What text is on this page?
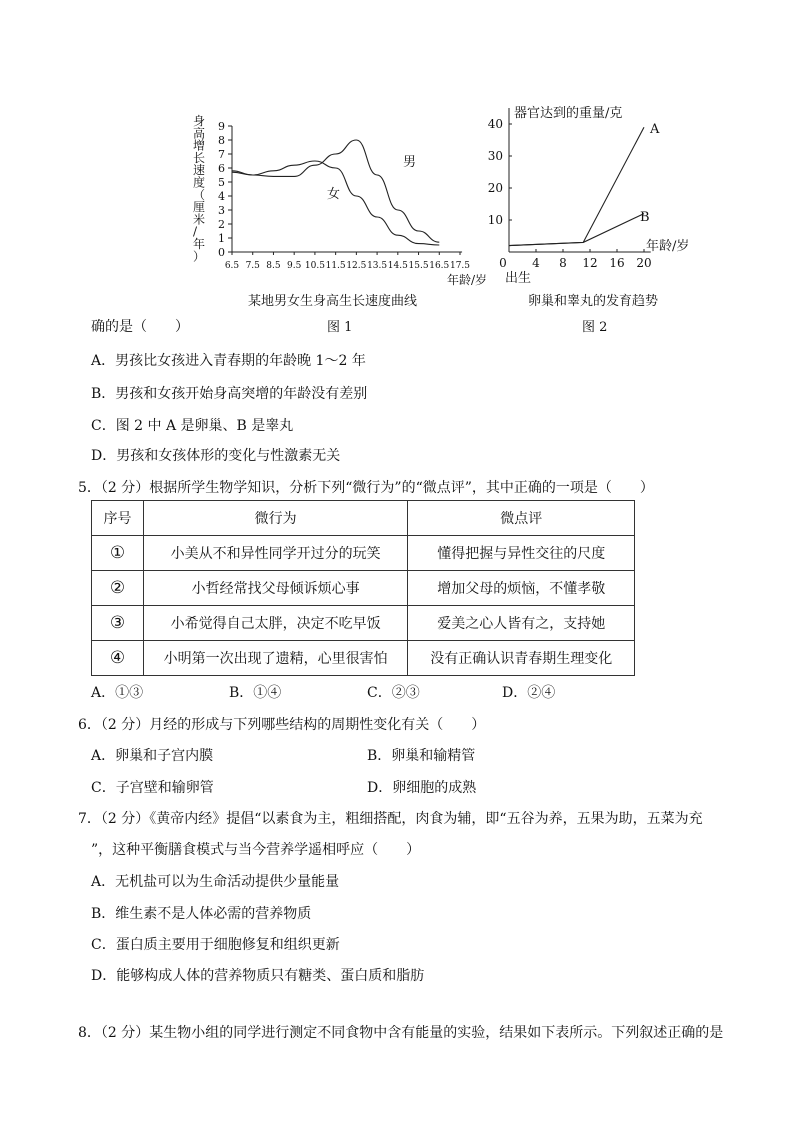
身
高
增
长
速
度
（
厘
米
/
年
）
9
8
7
6
5
4
3
2
1
0
6.5 7.5 8.5 9.5 10.5 11.5 12.5 13.5 14.5 15.5 16.5 17.5
男
女
年龄/岁
某地男女生身高生长速度曲线
图 1
器官达到的重量/克
40
30
20
10
0 4 8 12 16 20
A
B
年龄/岁
出生
卵巢和睾丸的发育趋势
图 2
确的是（　　）
A．男孩比女孩进入青春期的年龄晚 1～2 年
B．男孩和女孩开始身高突增的年龄没有差别
C．图 2 中 A 是卵巢、B 是睾丸
D．男孩和女孩体形的变化与性激素无关
5．（2 分）根据所学生物学知识，分析下列“微行为”的“微点评”，其中正确的一项是（　　）
序号	微行为	微点评
①	小美从不和异性同学开过分的玩笑	懂得把握与异性交往的尺度
②	小哲经常找父母倾诉烦心事	增加父母的烦恼，不懂孝敬
③	小希觉得自己太胖，决定不吃早饭	爱美之心人皆有之，支持她
④	小明第一次出现了遗精，心里很害怕	没有正确认识青春期生理变化
A．①③	B．①④	C．②③	D．②④
6．（2 分）月经的形成与下列哪些结构的周期性变化有关（　　）
A．卵巢和子宫内膜	B．卵巢和输精管
C．子宫壁和输卵管	D．卵细胞的成熟
7．（2 分）《黄帝内经》提倡“以素食为主，粗细搭配，肉食为辅，即“五谷为养，五果为助，五菜为充
”，这种平衡膳食模式与当今营养学遥相呼应（　　）
A．无机盐可以为生命活动提供少量能量
B．维生素不是人体必需的营养物质
C．蛋白质主要用于细胞修复和组织更新
D．能够构成人体的营养物质只有糖类、蛋白质和脂肪
8．（2 分）某生物小组的同学进行测定不同食物中含有能量的实验，结果如下表所示。下列叙述正确的是
